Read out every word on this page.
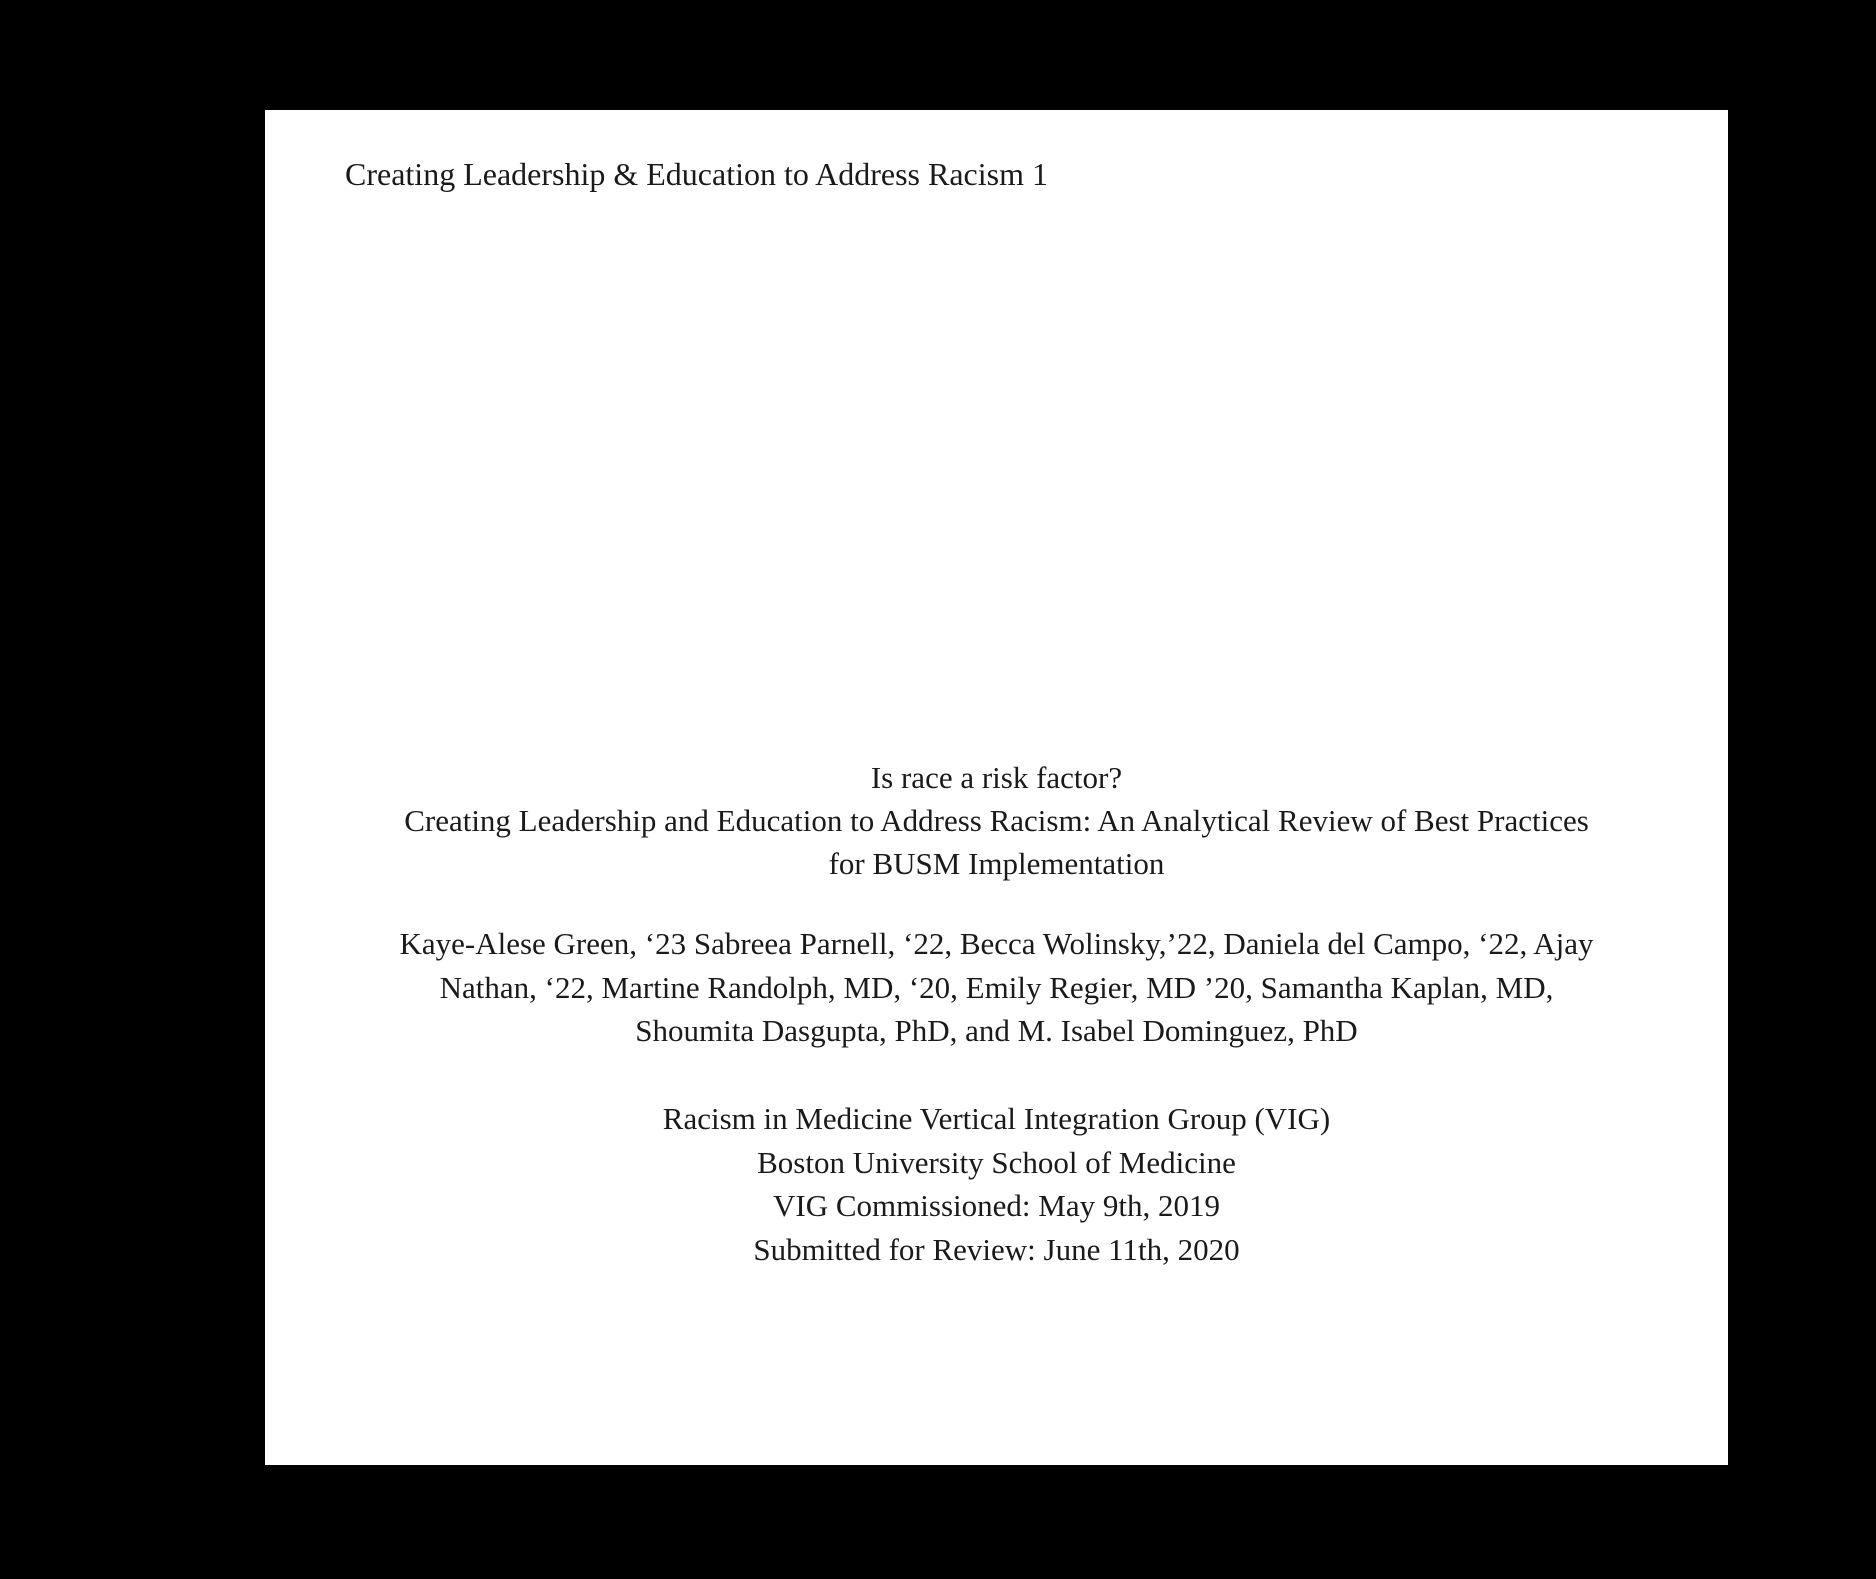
Creating Leadership & Education to Address Racism 1
Is race a risk factor?
Creating Leadership and Education to Address Racism: An Analytical Review of Best Practices
for BUSM Implementation
Kaye-Alese Green, ‘23 Sabreea Parnell, ‘22, Becca Wolinsky,’22, Daniela del Campo, ‘22, Ajay
Nathan, ‘22, Martine Randolph, MD, ‘20, Emily Regier, MD ’20, Samantha Kaplan, MD,
Shoumita Dasgupta, PhD, and M. Isabel Dominguez, PhD
Racism in Medicine Vertical Integration Group (VIG)
Boston University School of Medicine
VIG Commissioned: May 9th, 2019
Submitted for Review: June 11th, 2020
